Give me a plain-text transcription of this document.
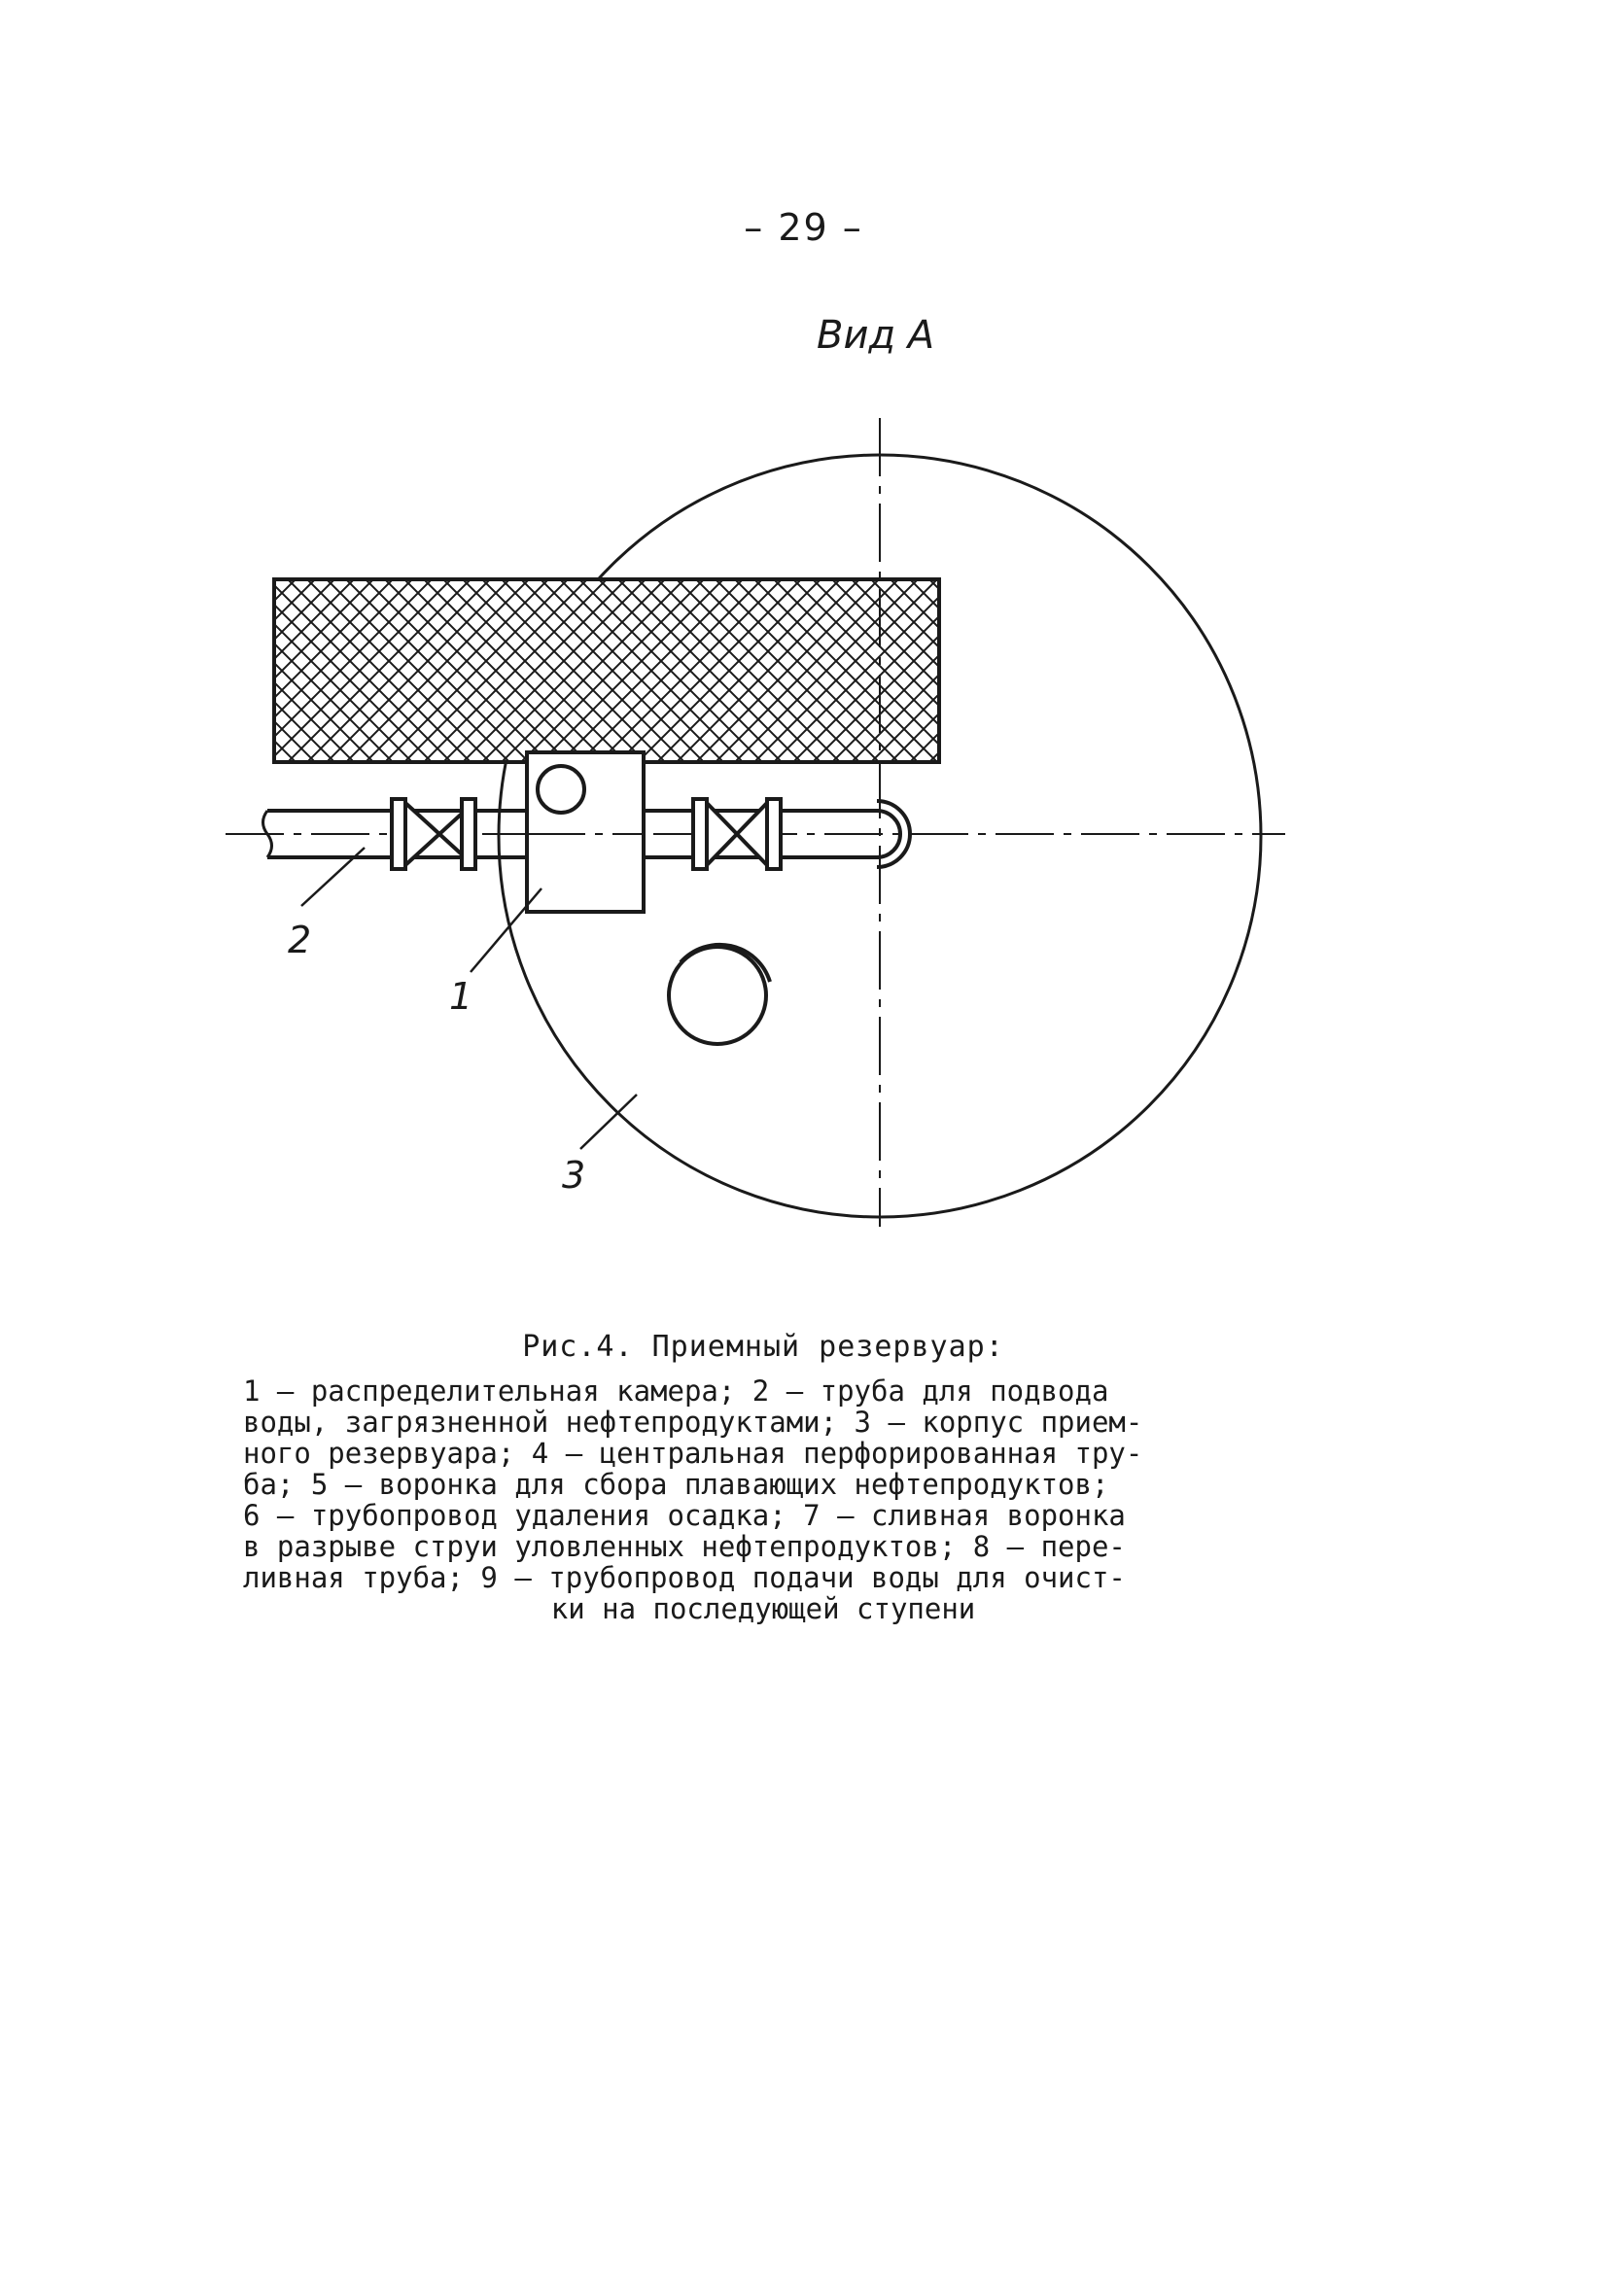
– 29 –
Вид А
2
1
3
Рис.4. Приемный резервуар:
1 – распределительная камера; 2 – труба для подвода
воды, загрязненной нефтепродуктами; 3 – корпус прием-
ного резервуара; 4 – центральная перфорированная тру-
ба; 5 – воронка для сбора плавающих нефтепродуктов;
6 – трубопровод удаления осадка; 7 – сливная воронка
в разрыве струи уловленных нефтепродуктов; 8 – пере-
ливная труба; 9 – трубопровод подачи воды для очист-
ки на последующей ступени
